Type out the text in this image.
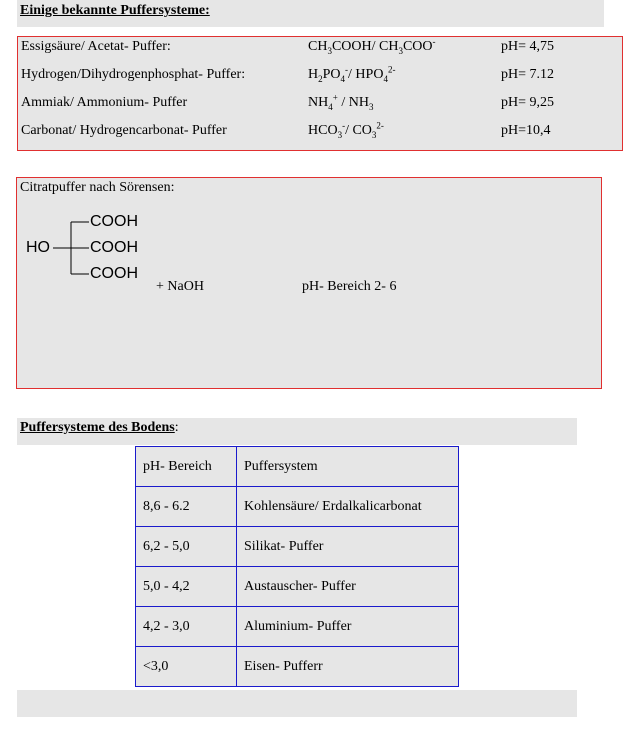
Einige bekannte Puffersysteme:
Essigsäure/ Acetat- Puffer:	$CH_3COOH/$ $CH_3COO^-$	pH= 4,75
Hydrogen/Dihydrogenphosphat- Puffer:	$H_2PO_4^-/$ $HPO_4^{2-}$	pH= 7.12
Ammiak/ Ammonium- Puffer	$NH_4^+ / NH_3$	pH= 9,25
Carbonat/ Hydrogencarbonat- Puffer	$HCO_3^-/$ $CO_3^{2-}$	pH=10,4
Citratpuffer nach Sörensen:
HO
COOH
COOH
COOH
+ NaOH	pH- Bereich 2- 6
Puffersysteme des Bodens:
pH- Bereich	Puffersystem
8,6 - 6.2	Kohlensäure/ Erdalkalicarbonat
6,2 - 5,0	Silikat- Puffer
5,0 - 4,2	Austauscher- Puffer
4,2 - 3,0	Aluminium- Puffer
<3,0	Eisen- Pufferr
